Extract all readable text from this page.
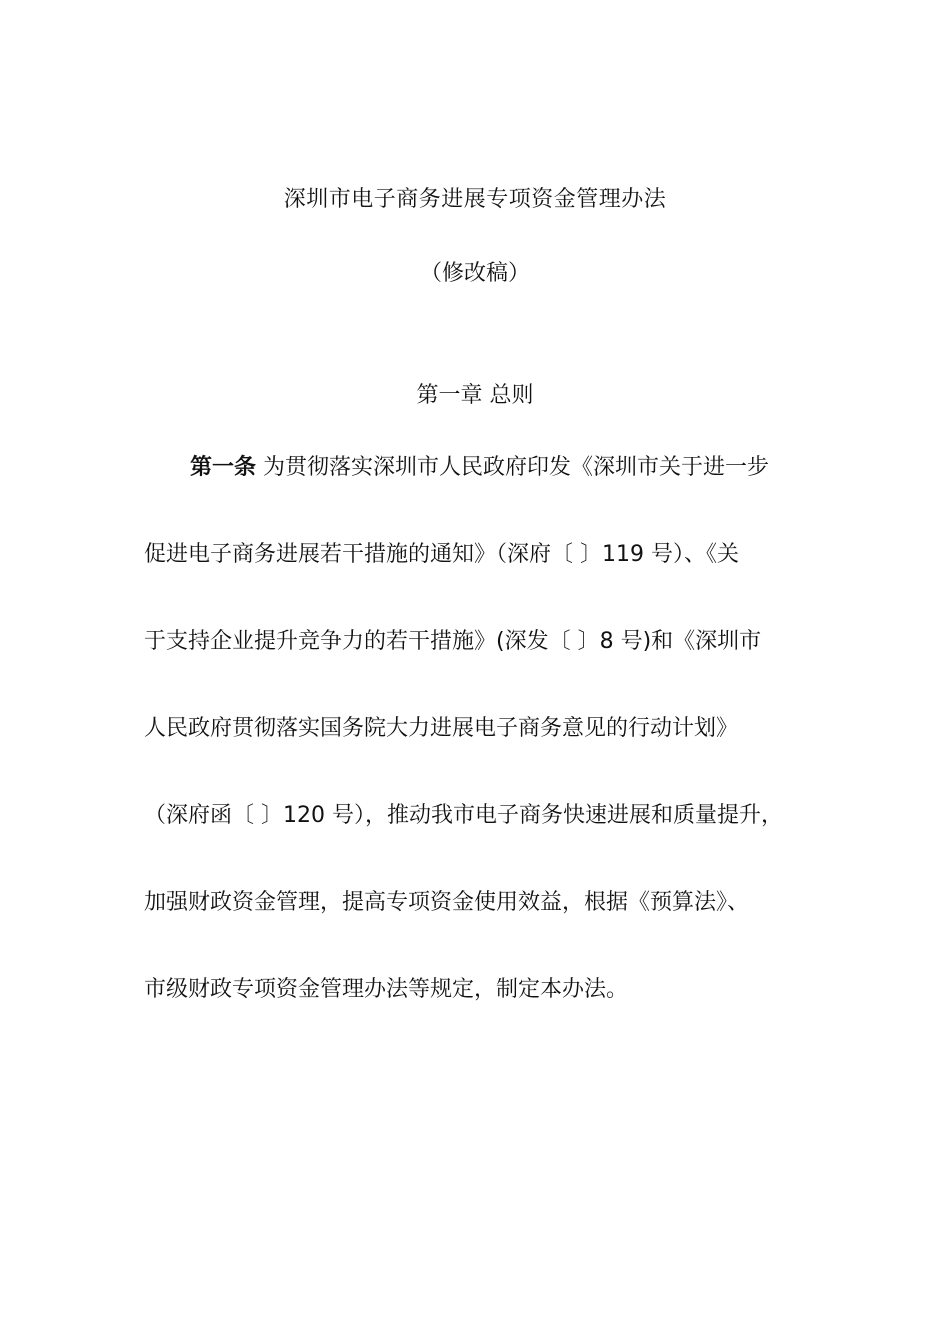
深圳市电子商务进展专项资金管理办法
（修改稿）
第一章 总则
第一条 为贯彻落实深圳市人民政府印发《深圳市关于进一步
促进电子商务进展若干措施的通知》（深府〔 〕119 号）、《关
于支持企业提升竞争力的若干措施》(深发〔 〕8 号)和《深圳市
人民政府贯彻落实国务院大力进展电子商务意见的行动计划》
（深府函〔 〕120 号），推动我市电子商务快速进展和质量提升，
加强财政资金管理，提高专项资金使用效益，根据《预算法》、
市级财政专项资金管理办法等规定，制定本办法。
